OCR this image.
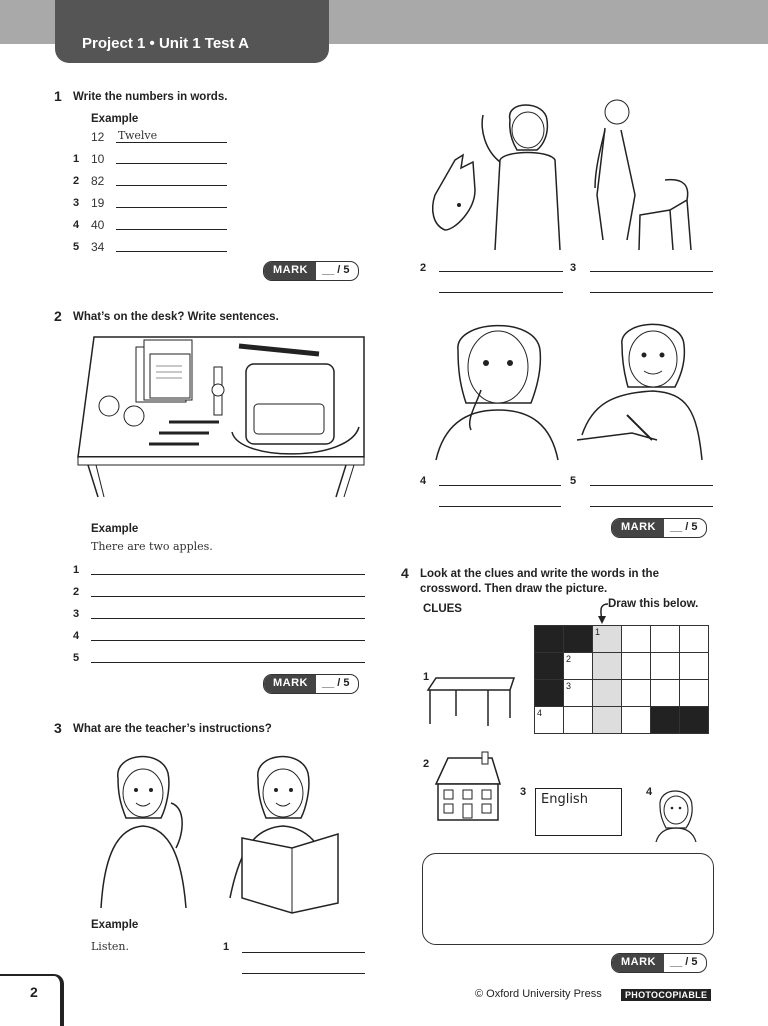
Project 1 • Unit 1 Test A
1 Write the numbers in words.
Example
12 Twelve
1 10
2 82
3 19
4 40
5 34
MARK	__ / 5
2 What’s on the desk? Write sentences.
Example
There are two apples.
1
2
3
4
5
MARK	__ / 5
3 What are the teacher’s instructions?
Example
Listen.	1
2	3
4	5
MARK	__ / 5
4 Look at the clues and write the words in the
crossword. Then draw the picture.
CLUES	Draw this below.

		1			

	2				

	3				

4					

1
2
3 English	4
MARK	__ / 5
2	© Oxford University Press	PHOTOCOPIABLE
